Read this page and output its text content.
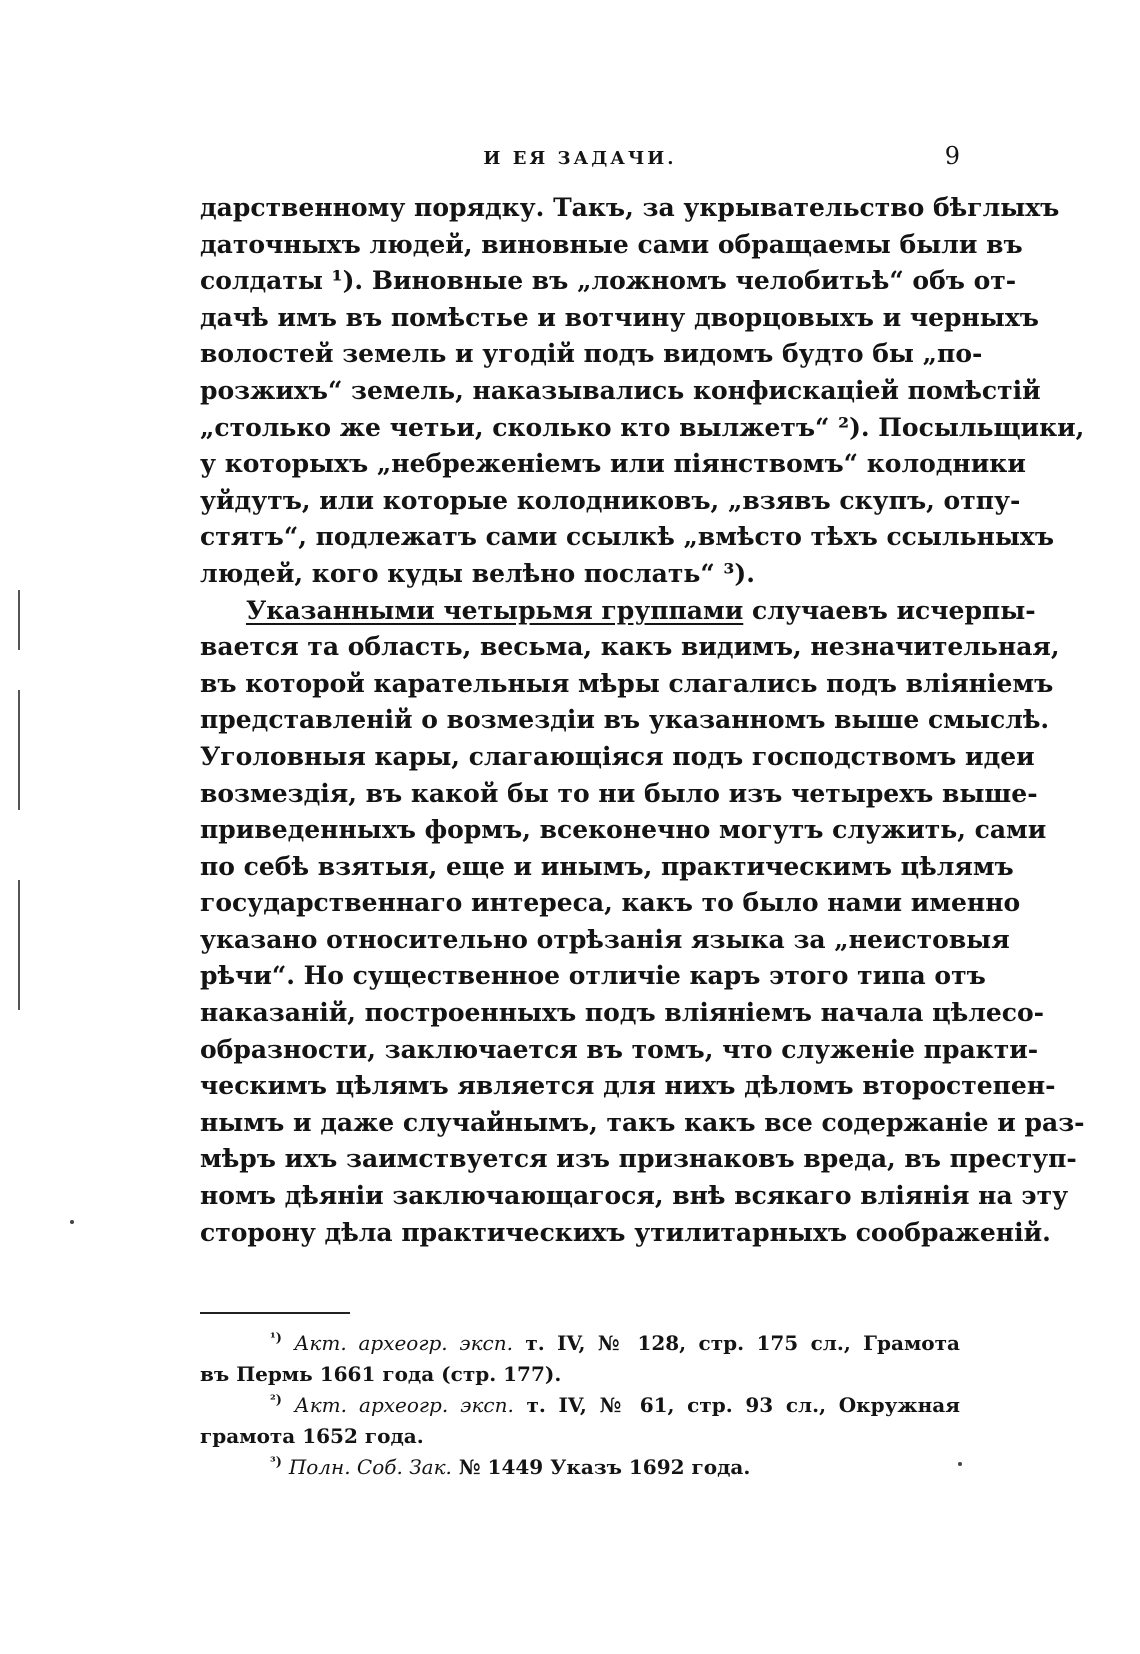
И ЕЯ ЗАДАЧИ.	9
дарственному порядку. Такъ, за укрывательство бѣглыхъ
даточныхъ людей, виновные сами обращаемы были въ
солдаты ¹). Виновные въ „ложномъ челобитьѣ“ объ от-
дачѣ имъ въ помѣстье и вотчину дворцовыхъ и черныхъ
волостей земель и угодій подъ видомъ будто бы „по-
розжихъ“ земель, наказывались конфискаціей помѣстій
„столько же четьи, сколько кто вылжетъ“ ²). Посыльщики,
у которыхъ „небреженіемъ или піянствомъ“ колодники
уйдутъ, или которые колодниковъ, „взявъ скупъ, отпу-
стятъ“, подлежатъ сами ссылкѣ „вмѣсто тѣхъ ссыльныхъ
людей, кого куды велѣно послать“ ³).
Указанными четырьмя группами случаевъ исчерпы-
вается та область, весьма, какъ видимъ, незначительная,
въ которой карательныя мѣры слагались подъ вліяніемъ
представленій о возмездіи въ указанномъ выше смыслѣ.
Уголовныя кары, слагающіяся подъ господствомъ идеи
возмездія, въ какой бы то ни было изъ четырехъ выше-
приведенныхъ формъ, всеконечно могутъ служить, сами
по себѣ взятыя, еще и инымъ, практическимъ цѣлямъ
государственнаго интереса, какъ то было нами именно
указано относительно отрѣзанія языка за „неистовыя
рѣчи“. Но существенное отличіе каръ этого типа отъ
наказаній, построенныхъ подъ вліяніемъ начала цѣлесо-
образности, заключается въ томъ, что служеніе практи-
ческимъ цѣлямъ является для нихъ дѣломъ второстепен-
нымъ и даже случайнымъ, такъ какъ все содержаніе и раз-
мѣръ ихъ заимствуется изъ признаковъ вреда, въ преступ-
номъ дѣяніи заключающагося, внѣ всякаго вліянія на эту
сторону дѣла практическихъ утилитарныхъ соображеній.
$^{^1)}$ Акт. археогр. эксп. т. IV, № 128, стр. 175 сл., Грамота
въ Пермь 1661 года (стр. 177).
$^{^2)}$ Акт. археогр. эксп. т. IV, № 61, стр. 93 сл., Окружная
грамота 1652 года.
$^{^3)}$ Полн. Соб. Зак. № 1449 Указъ 1692 года.
